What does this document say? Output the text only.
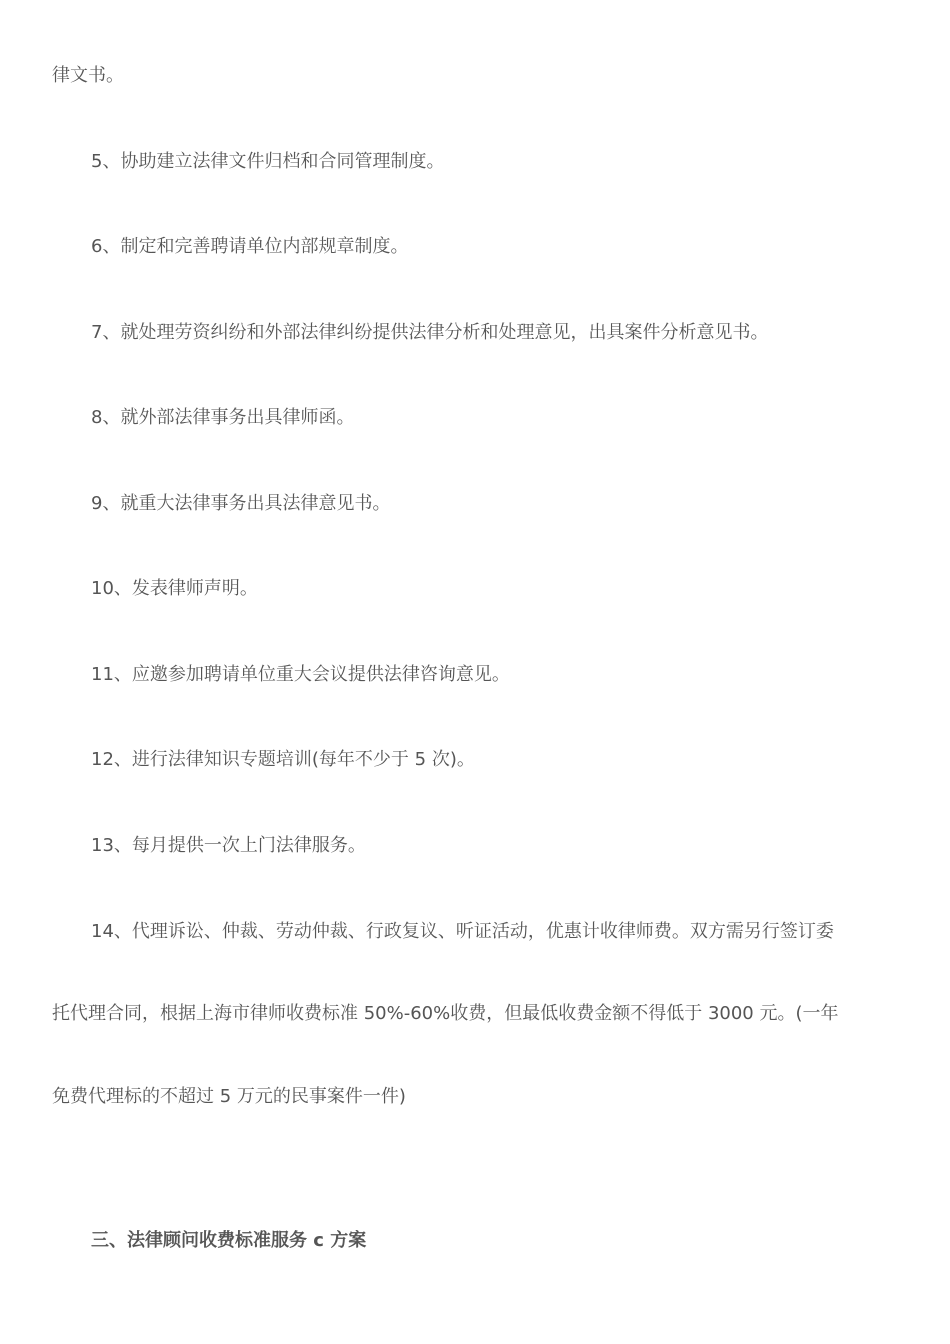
律文书。
5、协助建立法律文件归档和合同管理制度。
6、制定和完善聘请单位内部规章制度。
7、就处理劳资纠纷和外部法律纠纷提供法律分析和处理意见，出具案件分析意见书。
8、就外部法律事务出具律师函。
9、就重大法律事务出具法律意见书。
10、发表律师声明。
11、应邀参加聘请单位重大会议提供法律咨询意见。
12、进行法律知识专题培训(每年不少于 5 次)。
13、每月提供一次上门法律服务。
14、代理诉讼、仲裁、劳动仲裁、行政复议、听证活动，优惠计收律师费。双方需另行签订委
托代理合同，根据上海市律师收费标准 50%-60%收费，但最低收费金额不得低于 3000 元。(一年
免费代理标的不超过 5 万元的民事案件一件)
三、法律顾问收费标准服务 c 方案
